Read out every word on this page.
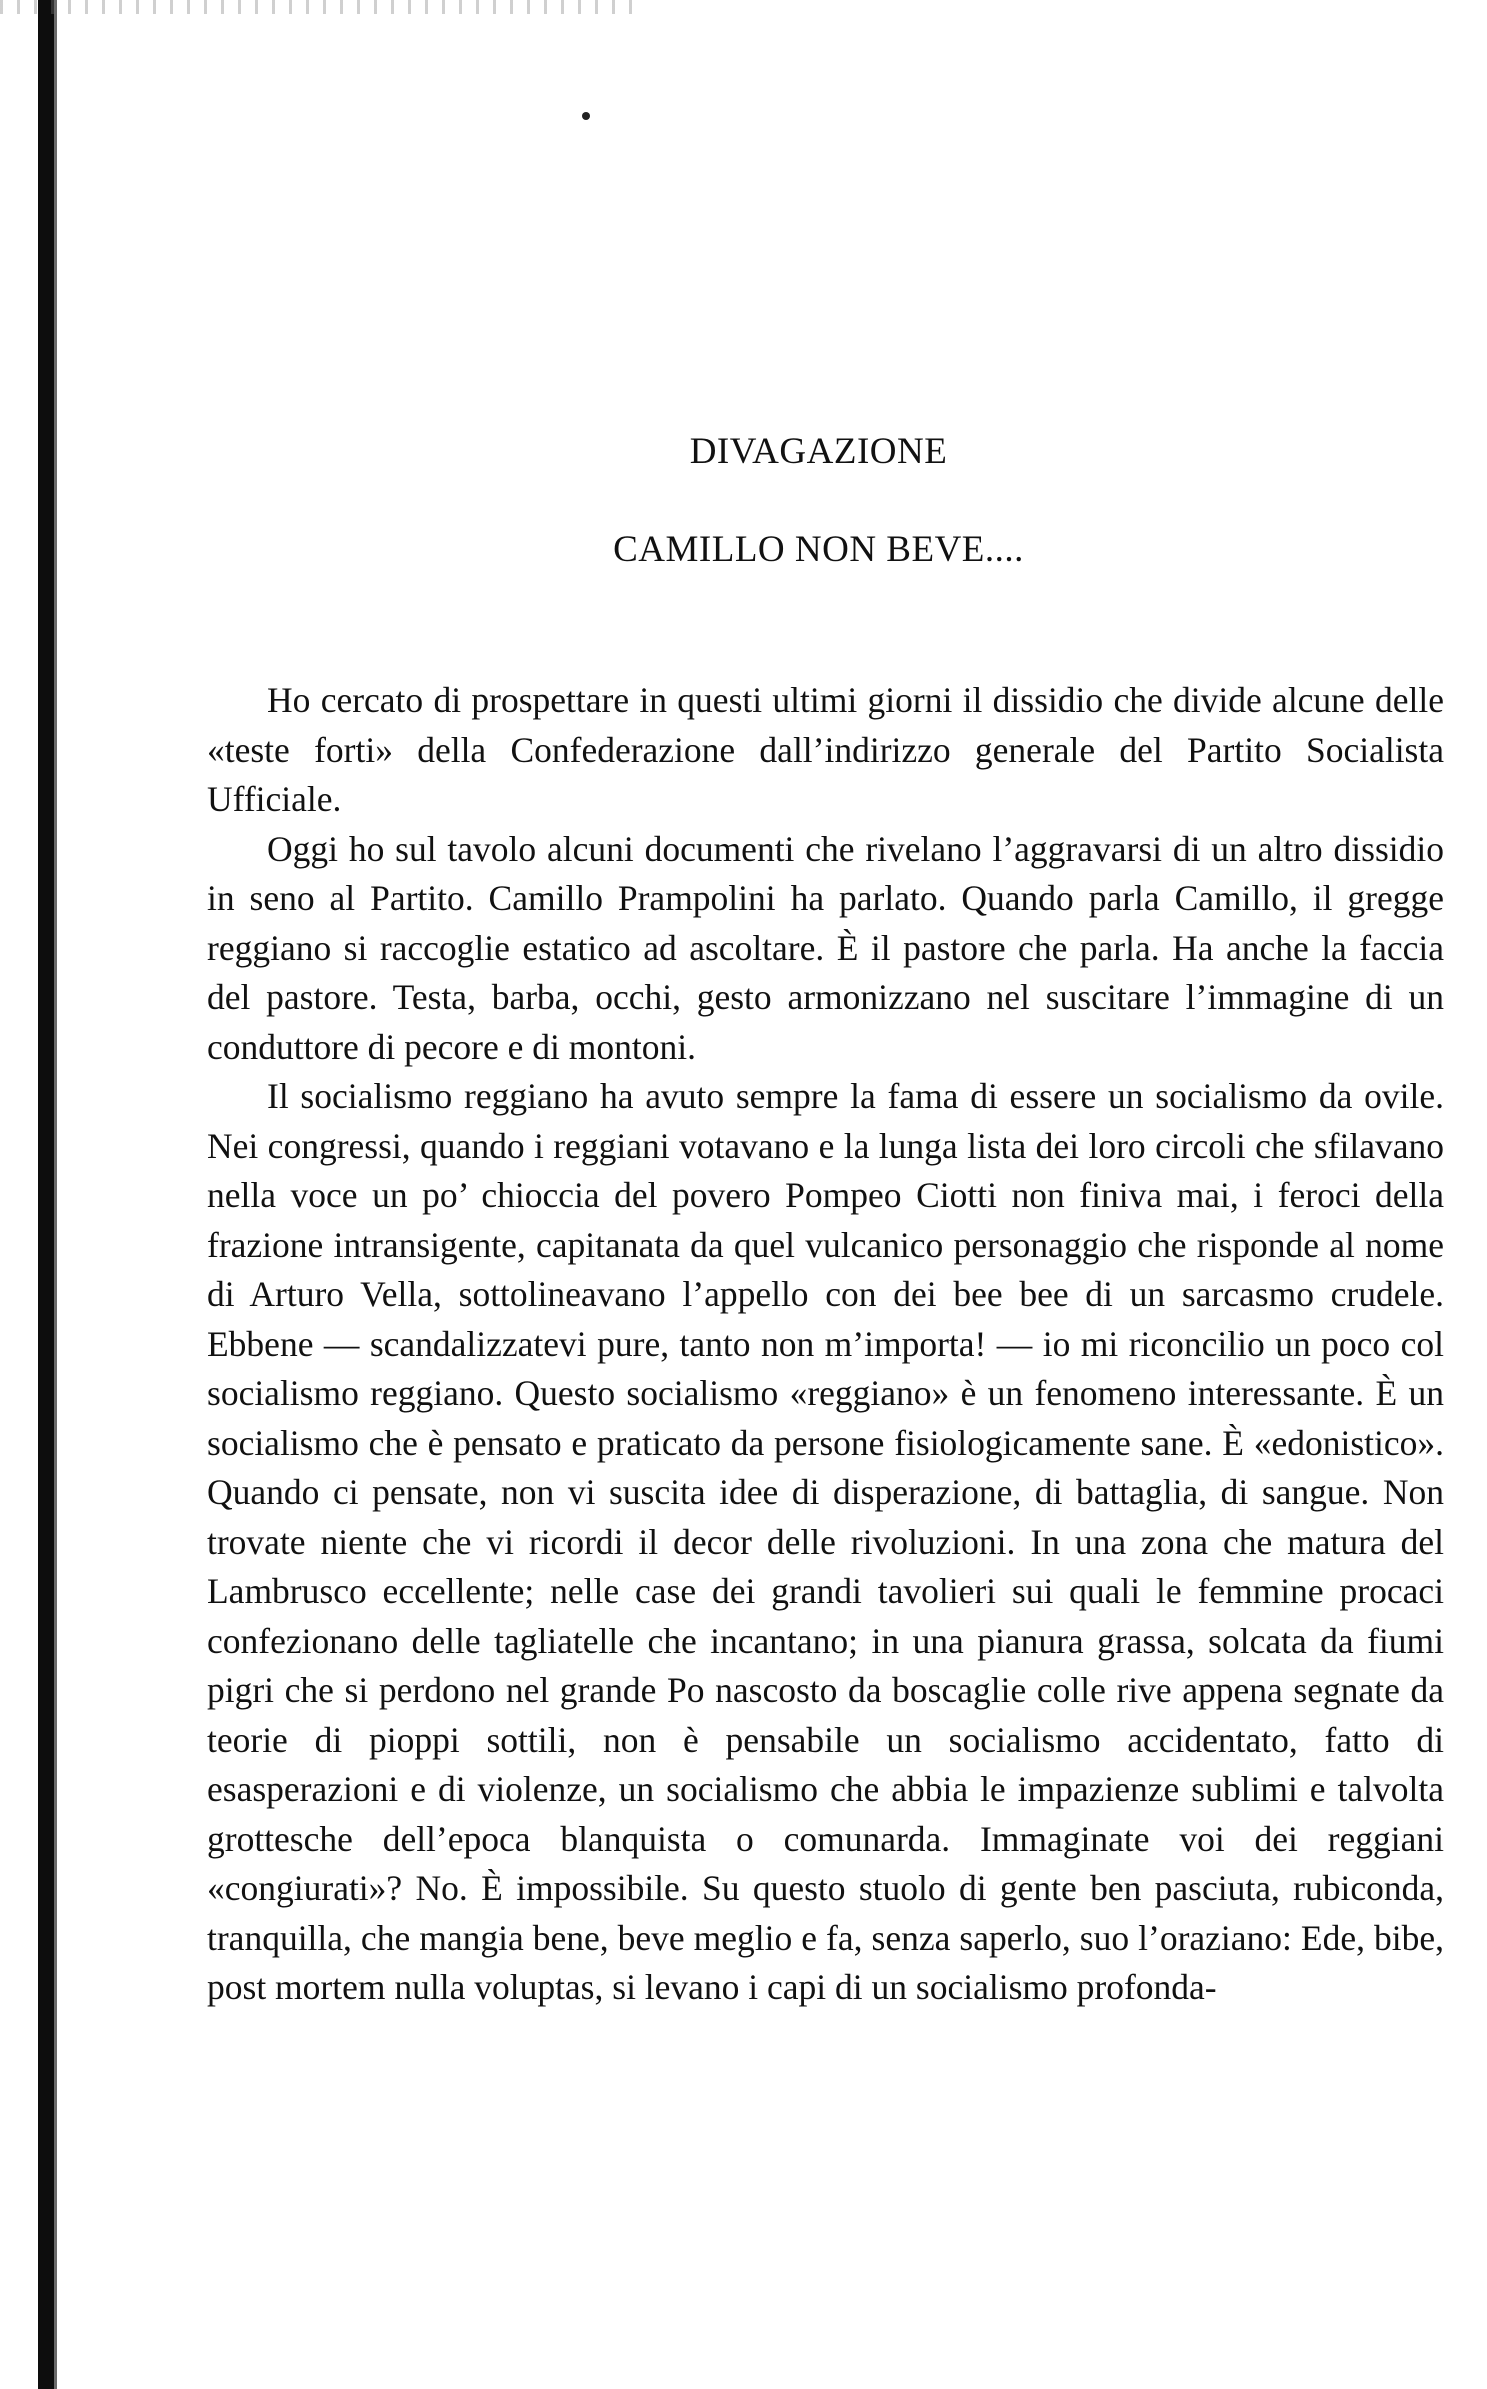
DIVAGAZIONE
CAMILLO NON BEVE....

Ho cercato di prospettare in questi ultimi giorni il dissidio che divide alcune delle «teste forti» della Confederazione dall’indirizzo generale del Partito Socialista Ufficiale.

Oggi ho sul tavolo alcuni documenti che rivelano l’aggravarsi di un altro dissidio in seno al Partito. Camillo Prampolini ha parlato. Quando parla Camillo, il gregge reggiano si raccoglie estatico ad ascoltare. È il pastore che parla. Ha anche la faccia del pastore. Testa, barba, occhi, gesto armonizzano nel suscitare l’immagine di un conduttore di pecore e di montoni.

Il socialismo reggiano ha avuto sempre la fama di essere un socialismo da ovile. Nei congressi, quando i reggiani votavano e la lunga lista dei loro circoli che sfilavano nella voce un po’ chioccia del povero Pompeo Ciotti non finiva mai, i feroci della frazione intransigente, capitanata da quel vulcanico personaggio che risponde al nome di Arturo Vella, sottolineavano l’appello con dei bee bee di un sarcasmo crudele. Ebbene — scandalizzatevi pure, tanto non m’importa! — io mi riconcilio un poco col socialismo reggiano. Questo socialismo «reggiano» è un fenomeno interessante. È un socialismo che è pensato e praticato da persone fisiologicamente sane. È «edonistico». Quando ci pensate, non vi suscita idee di disperazione, di battaglia, di sangue. Non trovate niente che vi ricordi il decor delle rivoluzioni. In una zona che matura del Lambrusco eccellente; nelle case dei grandi tavolieri sui quali le femmine procaci confezionano delle tagliatelle che incantano; in una pianura grassa, solcata da fiumi pigri che si perdono nel grande Po nascosto da boscaglie colle rive appena segnate da teorie di pioppi sottili, non è pensabile un socialismo accidentato, fatto di esasperazioni e di violenze, un socialismo che abbia le impazienze sublimi e talvolta grottesche dell’epoca blanquista o comunarda. Immaginate voi dei reggiani «congiurati»? No. È impossibile. Su questo stuolo di gente ben pasciuta, rubiconda, tranquilla, che mangia bene, beve meglio e fa, senza saperlo, suo l’oraziano: Ede, bibe, post mortem nulla voluptas, si levano i capi di un socialismo profonda-
